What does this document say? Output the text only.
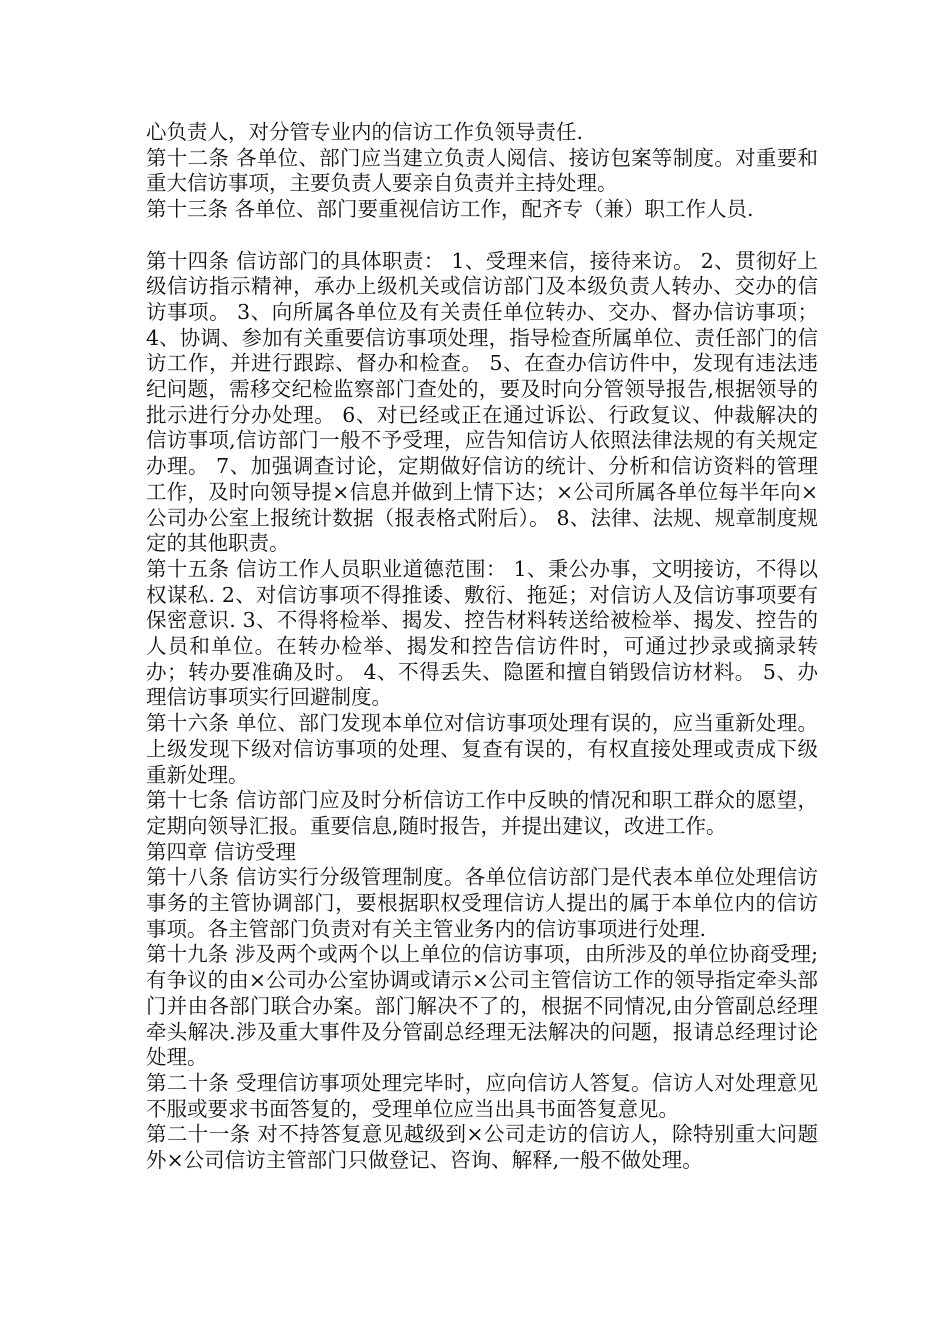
心负责人，对分管专业内的信访工作负领导责任.

第十二条 各单位、部门应当建立负责人阅信、接访包案等制度。对重要和重大信访事项，主要负责人要亲自负责并主持处理。

第十三条 各单位、部门要重视信访工作，配齐专（兼）职工作人员.

第十四条 信访部门的具体职责： 1、受理来信，接待来访。 2、贯彻好上级信访指示精神，承办上级机关或信访部门及本级负责人转办、交办的信访事项。 3、向所属各单位及有关责任单位转办、交办、督办信访事项； 4、协调、参加有关重要信访事项处理，指导检查所属单位、责任部门的信访工作，并进行跟踪、督办和检查。 5、在查办信访件中，发现有违法违纪问题，需移交纪检监察部门查处的，要及时向分管领导报告,根据领导的批示进行分办处理。 6、对已经或正在通过诉讼、行政复议、仲裁解决的信访事项,信访部门一般不予受理，应告知信访人依照法律法规的有关规定办理。 7、加强调查讨论，定期做好信访的统计、分析和信访资料的管理工作，及时向领导提×信息并做到上情下达；×公司所属各单位每半年向×公司办公室上报统计数据（报表格式附后）。 8、法律、法规、规章制度规定的其他职责。

第十五条 信访工作人员职业道德范围： 1、秉公办事，文明接访，不得以权谋私. 2、对信访事项不得推诿、敷衍、拖延；对信访人及信访事项要有保密意识. 3、不得将检举、揭发、控告材料转送给被检举、揭发、控告的人员和单位。在转办检举、揭发和控告信访件时，可通过抄录或摘录转办；转办要准确及时。 4、不得丢失、隐匿和擅自销毁信访材料。 5、办理信访事项实行回避制度。

第十六条 单位、部门发现本单位对信访事项处理有误的，应当重新处理。上级发现下级对信访事项的处理、复查有误的，有权直接处理或责成下级重新处理。

第十七条 信访部门应及时分析信访工作中反映的情况和职工群众的愿望，定期向领导汇报。重要信息,随时报告，并提出建议，改进工作。

第四章 信访受理

第十八条 信访实行分级管理制度。各单位信访部门是代表本单位处理信访事务的主管协调部门，要根据职权受理信访人提出的属于本单位内的信访事项。各主管部门负责对有关主管业务内的信访事项进行处理.

第十九条 涉及两个或两个以上单位的信访事项，由所涉及的单位协商受理;有争议的由×公司办公室协调或请示×公司主管信访工作的领导指定牵头部门并由各部门联合办案。部门解决不了的，根据不同情况,由分管副总经理牵头解决.涉及重大事件及分管副总经理无法解决的问题，报请总经理讨论处理。

第二十条 受理信访事项处理完毕时，应向信访人答复。信访人对处理意见不服或要求书面答复的，受理单位应当出具书面答复意见。

第二十一条 对不持答复意见越级到×公司走访的信访人，除特别重大问题外×公司信访主管部门只做登记、咨询、解释,一般不做处理。
